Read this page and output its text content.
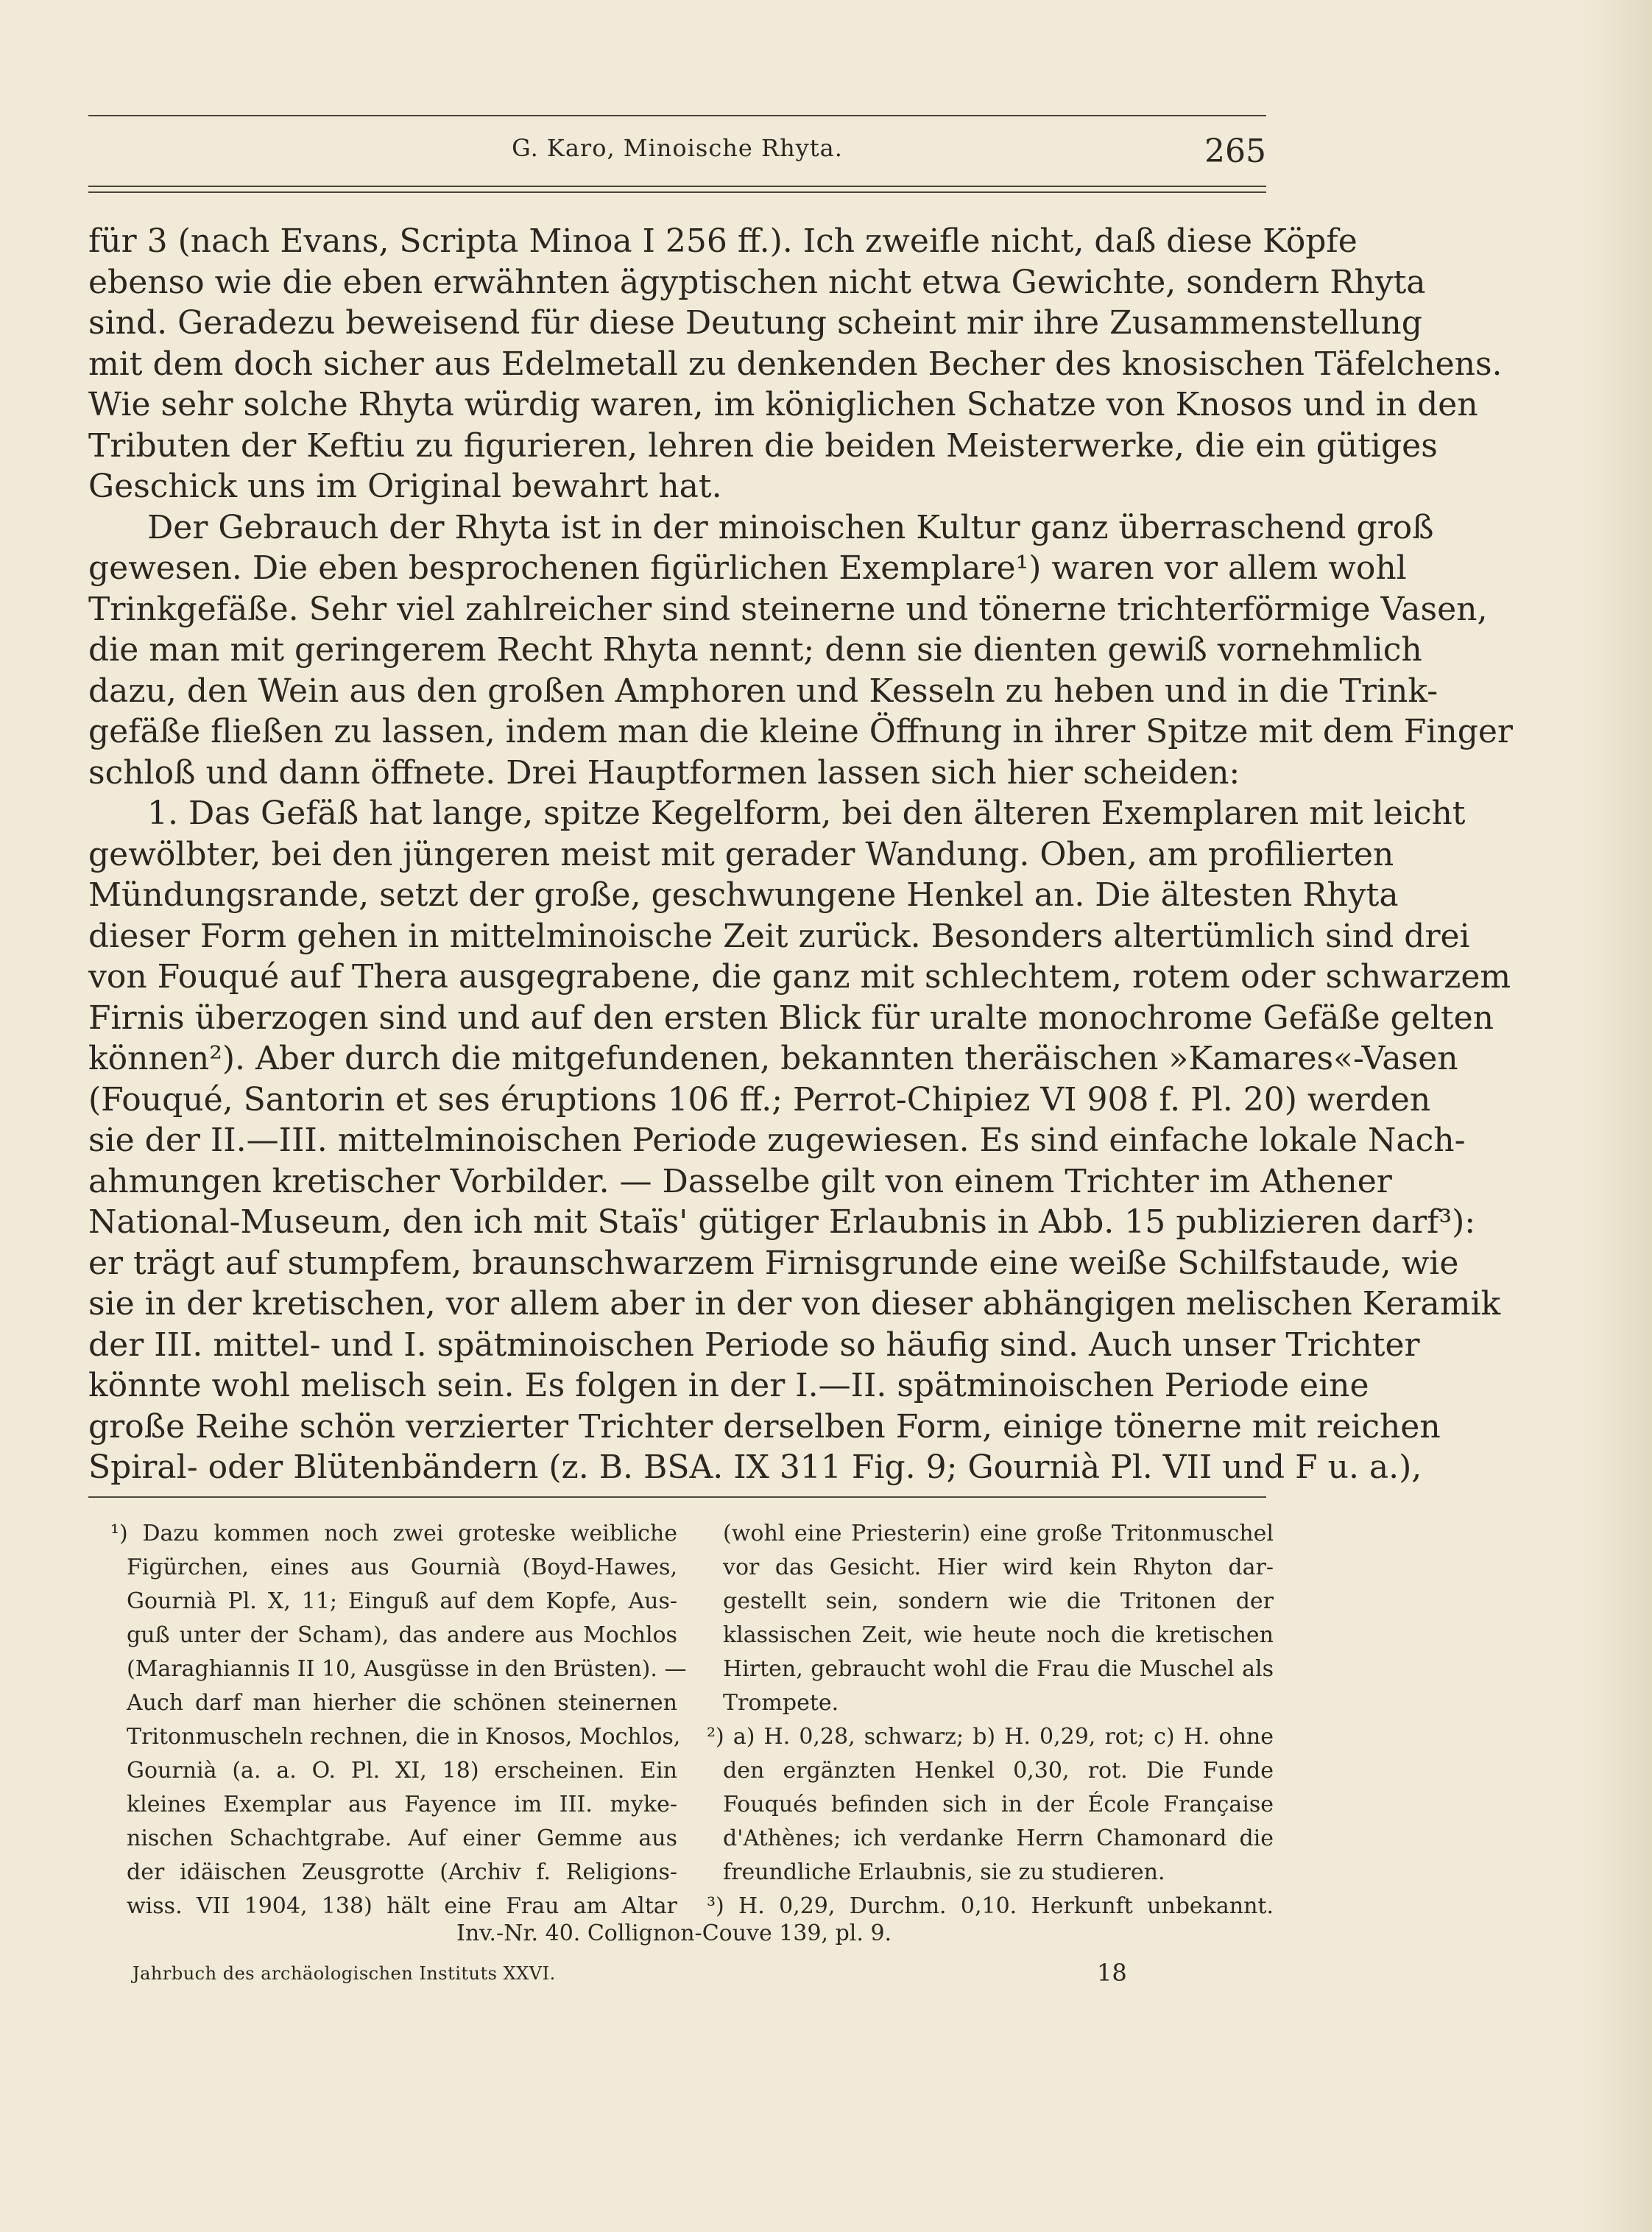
G. Karo, Minoische Rhyta.	265
für 3 (nach Evans, Scripta Minoa I 256 ff.). Ich zweifle nicht, daß diese Köpfe
ebenso wie die eben erwähnten ägyptischen nicht etwa Gewichte, sondern Rhyta
sind. Geradezu beweisend für diese Deutung scheint mir ihre Zusammenstellung
mit dem doch sicher aus Edelmetall zu denkenden Becher des knosischen Täfelchens.
Wie sehr solche Rhyta würdig waren, im königlichen Schatze von Knosos und in den
Tributen der Keftiu zu figurieren, lehren die beiden Meisterwerke, die ein gütiges
Geschick uns im Original bewahrt hat.
Der Gebrauch der Rhyta ist in der minoischen Kultur ganz überraschend groß
gewesen. Die eben besprochenen figürlichen Exemplare¹) waren vor allem wohl
Trinkgefäße. Sehr viel zahlreicher sind steinerne und tönerne trichterförmige Vasen,
die man mit geringerem Recht Rhyta nennt; denn sie dienten gewiß vornehmlich
dazu, den Wein aus den großen Amphoren und Kesseln zu heben und in die Trink-
gefäße fließen zu lassen, indem man die kleine Öffnung in ihrer Spitze mit dem Finger
schloß und dann öffnete. Drei Hauptformen lassen sich hier scheiden:
1. Das Gefäß hat lange, spitze Kegelform, bei den älteren Exemplaren mit leicht
gewölbter, bei den jüngeren meist mit gerader Wandung. Oben, am profilierten
Mündungsrande, setzt der große, geschwungene Henkel an. Die ältesten Rhyta
dieser Form gehen in mittelminoische Zeit zurück. Besonders altertümlich sind drei
von Fouqué auf Thera ausgegrabene, die ganz mit schlechtem, rotem oder schwarzem
Firnis überzogen sind und auf den ersten Blick für uralte monochrome Gefäße gelten
können²). Aber durch die mitgefundenen, bekannten theräischen »Kamares«-Vasen
(Fouqué, Santorin et ses éruptions 106 ff.; Perrot-Chipiez VI 908 f. Pl. 20) werden
sie der II.—III. mittelminoischen Periode zugewiesen. Es sind einfache lokale Nach-
ahmungen kretischer Vorbilder. — Dasselbe gilt von einem Trichter im Athener
National-Museum, den ich mit Staïs' gütiger Erlaubnis in Abb. 15 publizieren darf³):
er trägt auf stumpfem, braunschwarzem Firnisgrunde eine weiße Schilfstaude, wie
sie in der kretischen, vor allem aber in der von dieser abhängigen melischen Keramik
der III. mittel- und I. spätminoischen Periode so häufig sind. Auch unser Trichter
könnte wohl melisch sein. Es folgen in der I.—II. spätminoischen Periode eine
große Reihe schön verzierter Trichter derselben Form, einige tönerne mit reichen
Spiral- oder Blütenbändern (z. B. BSA. IX 311 Fig. 9; Gournià Pl. VII und F u. a.),
¹) Dazu kommen noch zwei groteske weibliche
Figürchen, eines aus Gournià (Boyd-Hawes,
Gournià Pl. X, 11; Einguß auf dem Kopfe, Aus-
guß unter der Scham), das andere aus Mochlos
(Maraghiannis II 10, Ausgüsse in den Brüsten). —
Auch darf man hierher die schönen steinernen
Tritonmuscheln rechnen, die in Knosos, Mochlos,
Gournià (a. a. O. Pl. XI, 18) erscheinen. Ein
kleines Exemplar aus Fayence im III. myke-
nischen Schachtgrabe. Auf einer Gemme aus
der idäischen Zeusgrotte (Archiv f. Religions-
wiss. VII 1904, 138) hält eine Frau am Altar
(wohl eine Priesterin) eine große Tritonmuschel
vor das Gesicht. Hier wird kein Rhyton dar-
gestellt sein, sondern wie die Tritonen der
klassischen Zeit, wie heute noch die kretischen
Hirten, gebraucht wohl die Frau die Muschel als
Trompete.
²) a) H. 0,28, schwarz; b) H. 0,29, rot; c) H. ohne
den ergänzten Henkel 0,30, rot. Die Funde
Fouqués befinden sich in der École Française
d'Athènes; ich verdanke Herrn Chamonard die
freundliche Erlaubnis, sie zu studieren.
³) H. 0,29, Durchm. 0,10. Herkunft unbekannt.
Inv.-Nr. 40. Collignon-Couve 139, pl. 9.
Jahrbuch des archäologischen Instituts XXVI.	18
